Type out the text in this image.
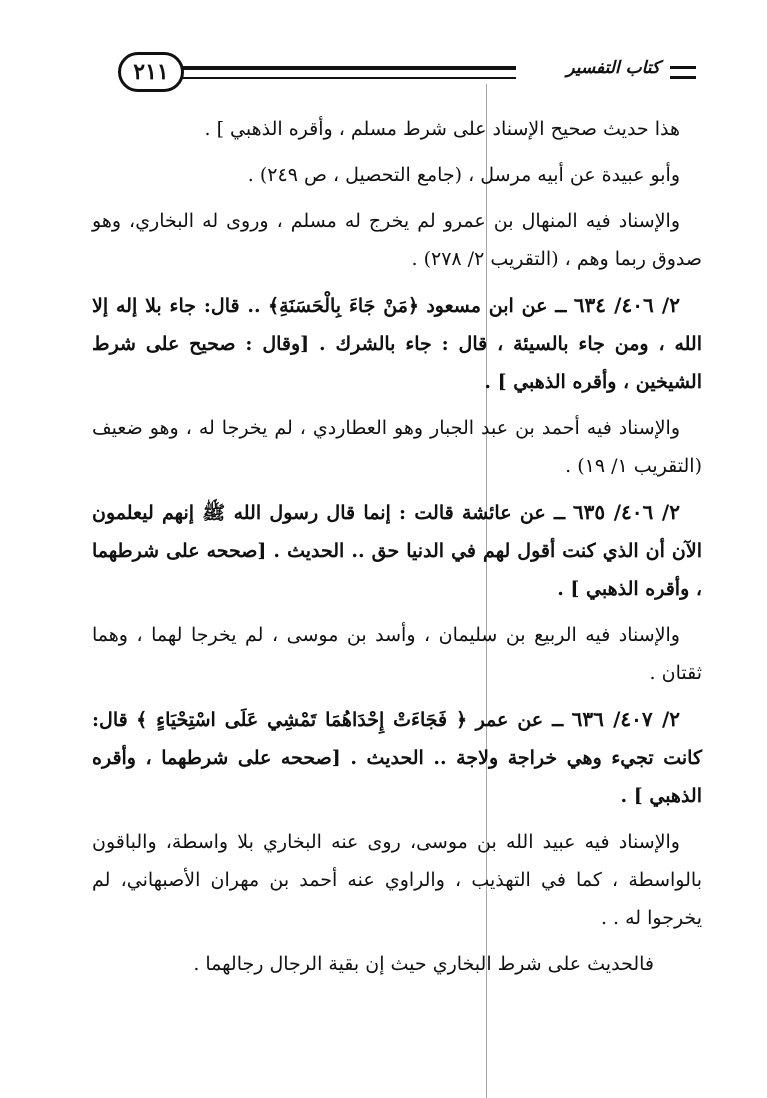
٢١١	كتاب التفسير

هذا حديث صحيح الإسناد على شرط مسلم ، وأقره الذهبي ] .

وأبو عبيدة عن أبيه مرسل ، (جامع التحصيل ، ص ٢٤٩) .

والإسناد فيه المنهال بن عمرو لم يخرج له مسلم ، وروى له البخاري، وهو صدوق ربما وهم ، (التقريب ٢/ ٢٧٨) .

٢/ ٤٠٦/ ٦٣٤ ــ عن ابن مسعود ﴿مَنْ جَاءَ بِالْحَسَنَةِ﴾ .. قال: جاء بلا إله إلا الله ، ومن جاء بالسيئة ، قال : جاء بالشرك . [وقال : صحيح على شرط الشيخين ، وأقره الذهبي ] .

والإسناد فيه أحمد بن عبد الجبار وهو العطاردي ، لم يخرجا له ، وهو ضعيف (التقريب ١/ ١٩) .

٢/ ٤٠٦/ ٦٣٥ ــ عن عائشة قالت : إنما قال رسول الله ﷺ إنهم ليعلمون الآن أن الذي كنت أقول لهم في الدنيا حق .. الحديث . [صححه على شرطهما ، وأقره الذهبي ] .

والإسناد فيه الربيع بن سليمان ، وأسد بن موسى ، لم يخرجا لهما ، وهما ثقتان .

٢/ ٤٠٧/ ٦٣٦ ــ عن عمر ﴿ فَجَاءَتْ إِحْدَاهُمَا تَمْشِي عَلَى اسْتِحْيَاءٍ ﴾ قال: كانت تجيء وهي خراجة ولاجة .. الحديث . [صححه على شرطهما ، وأقره الذهبي ] .

والإسناد فيه عبيد الله بن موسى، روى عنه البخاري بلا واسطة، والباقون بالواسطة ، كما في التهذيب ، والراوي عنه أحمد بن مهران الأصبهاني، لم يخرجوا له . .

فالحديث على شرط البخاري حيث إن بقية الرجال رجالهما .
